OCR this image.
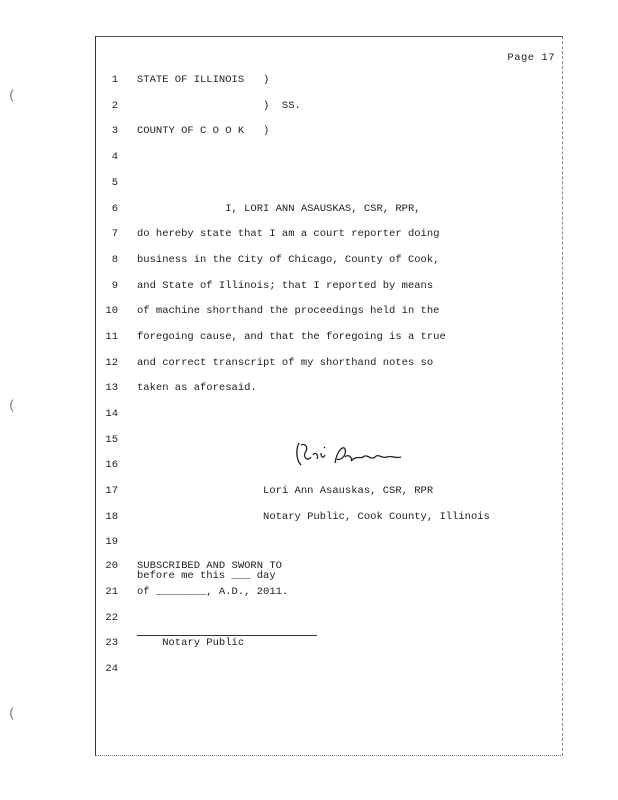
(
(
(
Page 17
1 STATE OF ILLINOIS   )
2 )  SS.
3 COUNTY OF C O O K   )
4
5
6 I, LORI ANN ASAUSKAS, CSR, RPR,
7 do hereby state that I am a court reporter doing
8 business in the City of Chicago, County of Cook,
9 and State of Illinois; that I reported by means
10 of machine shorthand the proceedings held in the
11 foregoing cause, and that the foregoing is a true
12 and correct transcript of my shorthand notes so
13 taken as aforesaid.
14
15
16
17 Lori Ann Asauskas, CSR, RPR
18 Notary Public, Cook County, Illinois
19
20 SUBSCRIBED AND SWORN TO
before me this ___ day
21 of ________, A.D., 2011.
22
23 Notary Public
24
